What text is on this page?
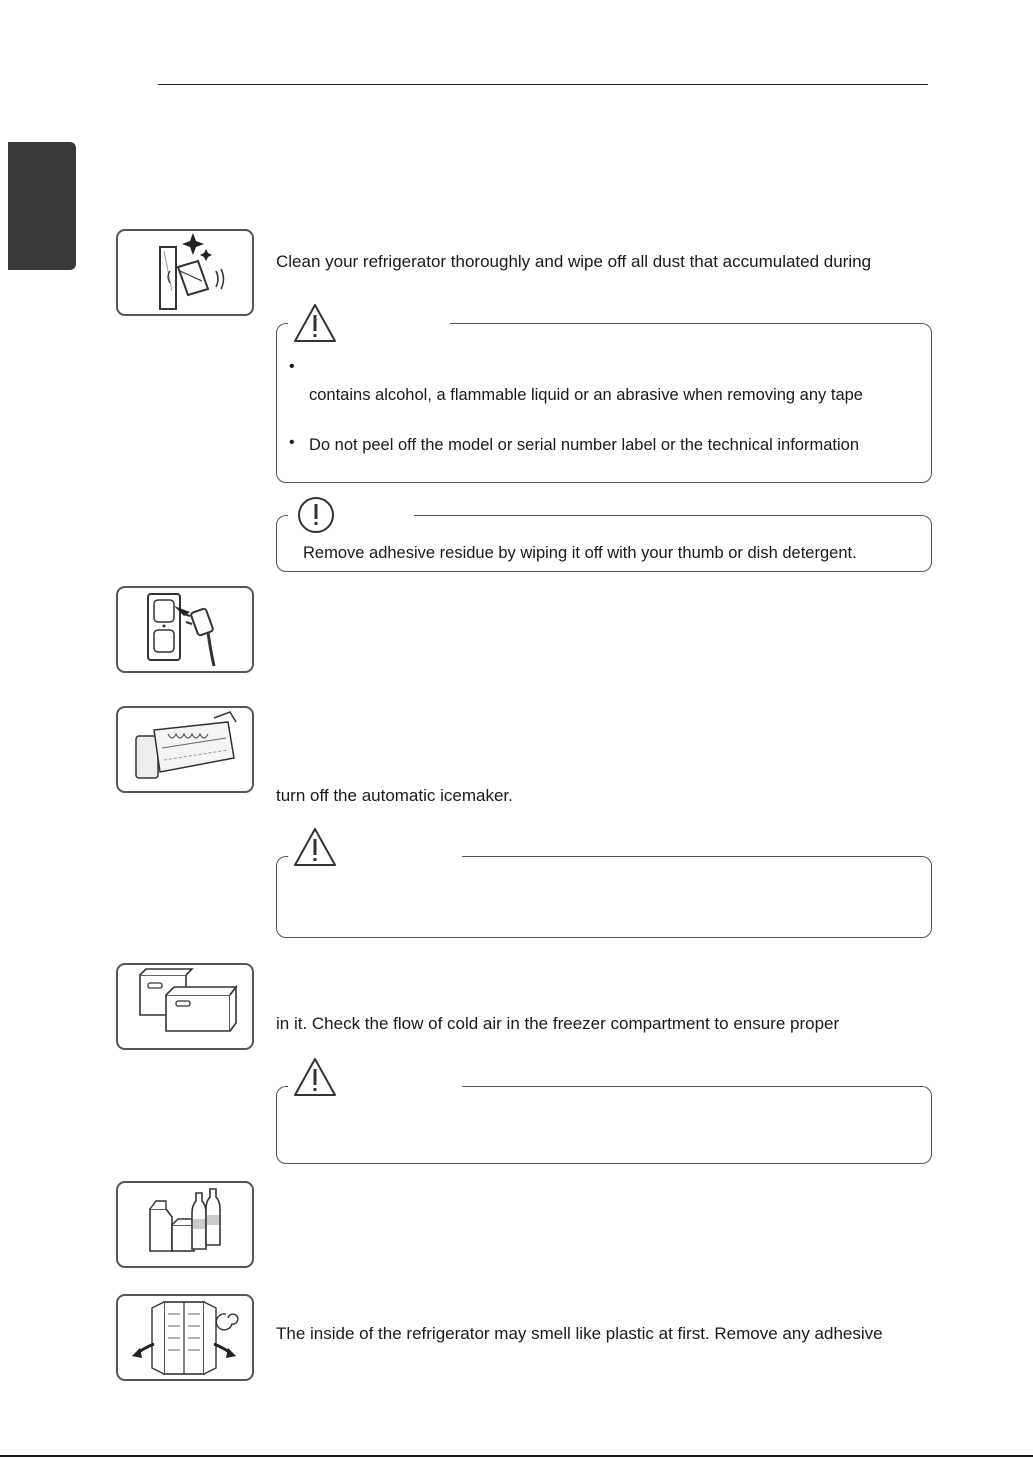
Clean your refrigerator thoroughly and wipe off all dust that accumulated during
•
contains alcohol, a flammable liquid or an abrasive when removing any tape
• Do not peel off the model or serial number label or the technical information
Remove adhesive residue by wiping it off with your thumb or dish detergent.
turn off the automatic icemaker.
in it. Check the flow of cold air in the freezer compartment to ensure proper
The inside of the refrigerator may smell like plastic at first. Remove any adhesive
